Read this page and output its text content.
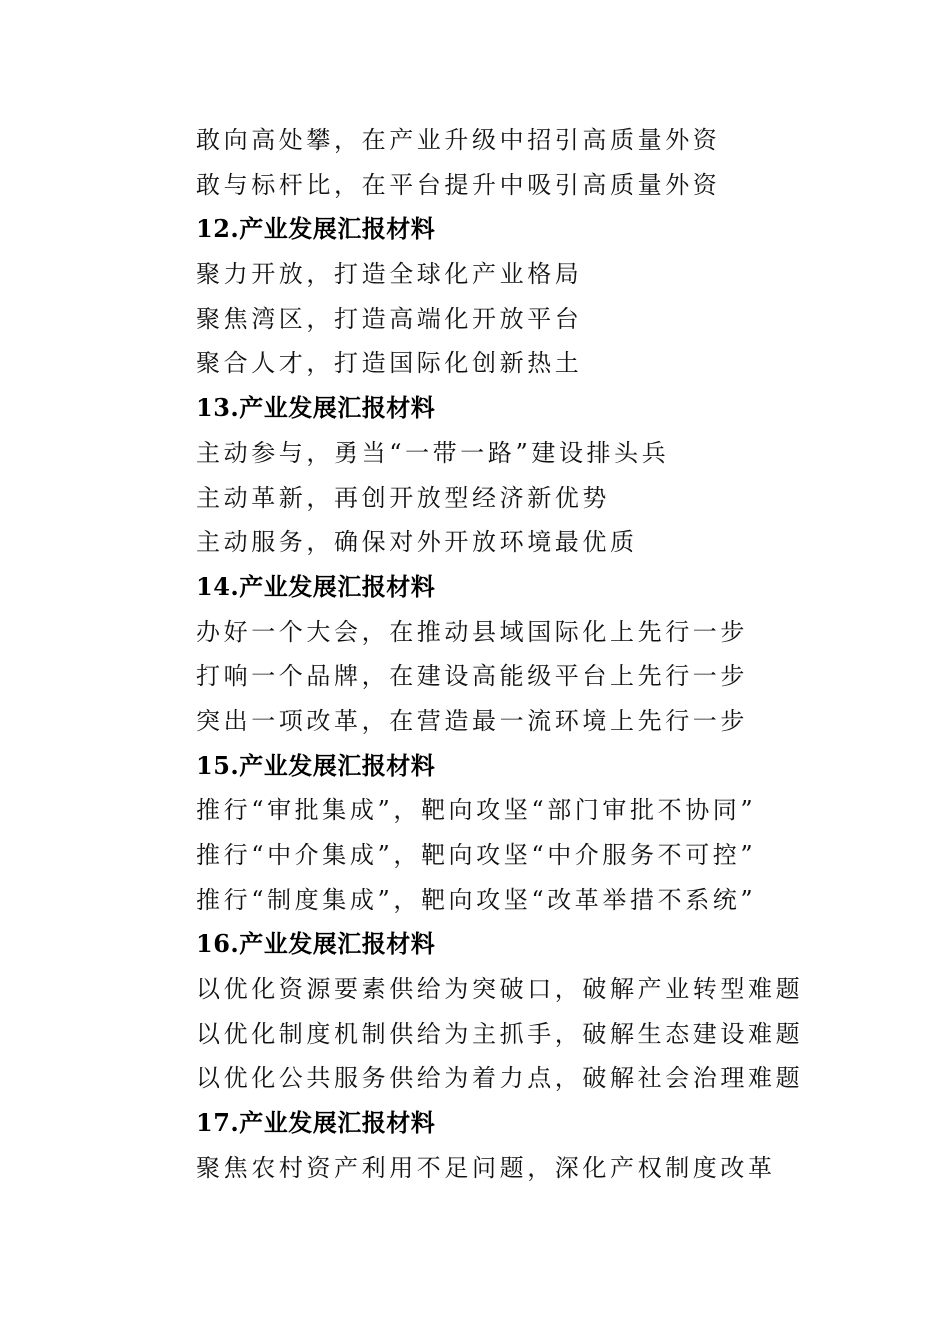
敢向高处攀，在产业升级中招引高质量外资
敢与标杆比，在平台提升中吸引高质量外资
12.产业发展汇报材料
聚力开放，打造全球化产业格局
聚焦湾区，打造高端化开放平台
聚合人才，打造国际化创新热土
13.产业发展汇报材料
主动参与，勇当“一带一路”建设排头兵
主动革新，再创开放型经济新优势
主动服务，确保对外开放环境最优质
14.产业发展汇报材料
办好一个大会，在推动县域国际化上先行一步
打响一个品牌，在建设高能级平台上先行一步
突出一项改革，在营造最一流环境上先行一步
15.产业发展汇报材料
推行“审批集成”，靶向攻坚“部门审批不协同”
推行“中介集成”，靶向攻坚“中介服务不可控”
推行“制度集成”，靶向攻坚“改革举措不系统”
16.产业发展汇报材料
以优化资源要素供给为突破口，破解产业转型难题
以优化制度机制供给为主抓手，破解生态建设难题
以优化公共服务供给为着力点，破解社会治理难题
17.产业发展汇报材料
聚焦农村资产利用不足问题，深化产权制度改革
